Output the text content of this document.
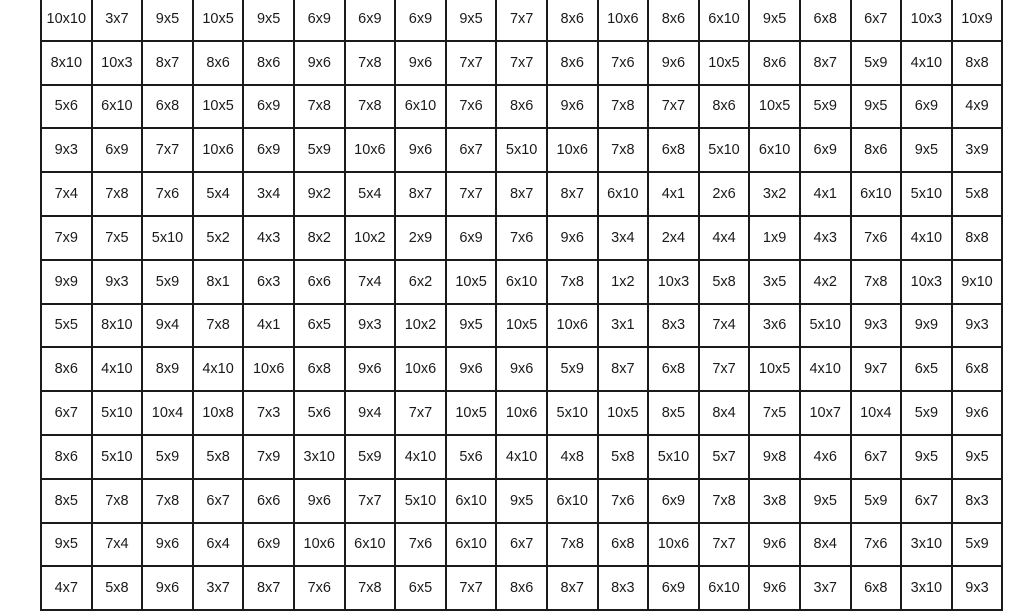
10x10	3x7	9x5	10x5	9x5	6x9	6x9	6x9	9x5	7x7	8x6	10x6	8x6	6x10	9x5	6x8	6x7	10x3	10x9
8x10	10x3	8x7	8x6	8x6	9x6	7x8	9x6	7x7	7x7	8x6	7x6	9x6	10x5	8x6	8x7	5x9	4x10	8x8
5x6	6x10	6x8	10x5	6x9	7x8	7x8	6x10	7x6	8x6	9x6	7x8	7x7	8x6	10x5	5x9	9x5	6x9	4x9
9x3	6x9	7x7	10x6	6x9	5x9	10x6	9x6	6x7	5x10	10x6	7x8	6x8	5x10	6x10	6x9	8x6	9x5	3x9
7x4	7x8	7x6	5x4	3x4	9x2	5x4	8x7	7x7	8x7	8x7	6x10	4x1	2x6	3x2	4x1	6x10	5x10	5x8
7x9	7x5	5x10	5x2	4x3	8x2	10x2	2x9	6x9	7x6	9x6	3x4	2x4	4x4	1x9	4x3	7x6	4x10	8x8
9x9	9x3	5x9	8x1	6x3	6x6	7x4	6x2	10x5	6x10	7x8	1x2	10x3	5x8	3x5	4x2	7x8	10x3	9x10
5x5	8x10	9x4	7x8	4x1	6x5	9x3	10x2	9x5	10x5	10x6	3x1	8x3	7x4	3x6	5x10	9x3	9x9	9x3
8x6	4x10	8x9	4x10	10x6	6x8	9x6	10x6	9x6	9x6	5x9	8x7	6x8	7x7	10x5	4x10	9x7	6x5	6x8
6x7	5x10	10x4	10x8	7x3	5x6	9x4	7x7	10x5	10x6	5x10	10x5	8x5	8x4	7x5	10x7	10x4	5x9	9x6
8x6	5x10	5x9	5x8	7x9	3x10	5x9	4x10	5x6	4x10	4x8	5x8	5x10	5x7	9x8	4x6	6x7	9x5	9x5
8x5	7x8	7x8	6x7	6x6	9x6	7x7	5x10	6x10	9x5	6x10	7x6	6x9	7x8	3x8	9x5	5x9	6x7	8x3
9x5	7x4	9x6	6x4	6x9	10x6	6x10	7x6	6x10	6x7	7x8	6x8	10x6	7x7	9x6	8x4	7x6	3x10	5x9
4x7	5x8	9x6	3x7	8x7	7x6	7x8	6x5	7x7	8x6	8x7	8x3	6x9	6x10	9x6	3x7	6x8	3x10	9x3
